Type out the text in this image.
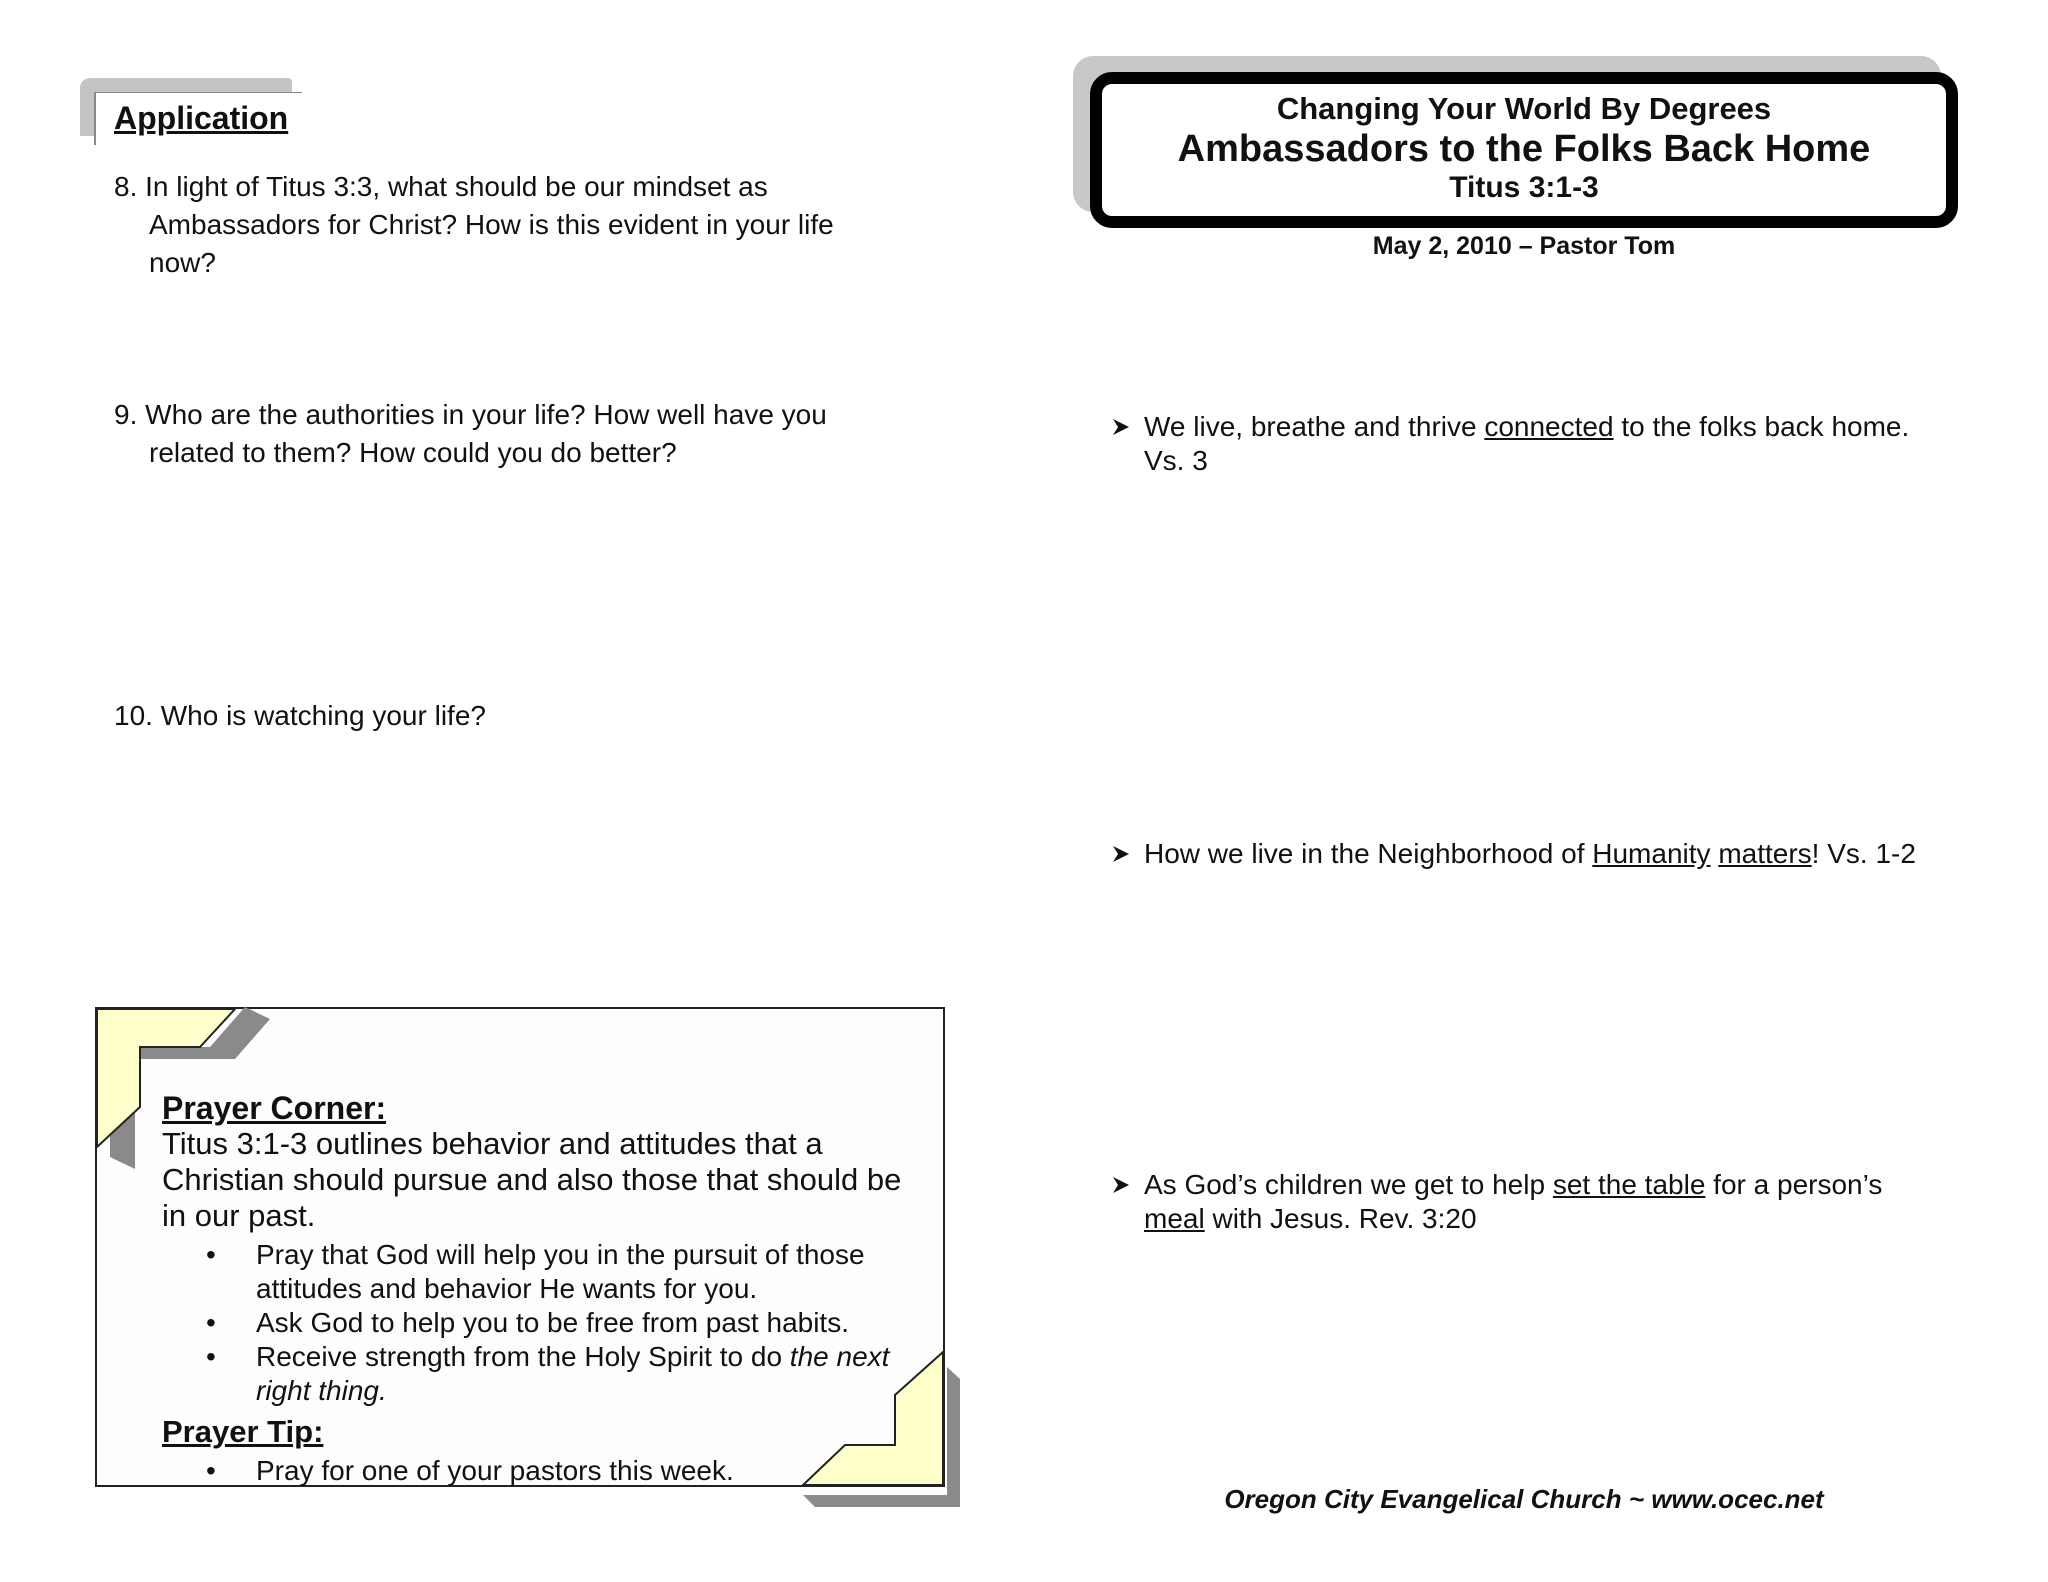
Application
8. In light of Titus 3:3, what should be our mindset as
Ambassadors for Christ? How is this evident in your life now?
9. Who are the authorities in your life? How well have you
related to them? How could you do better?
10. Who is watching your life?
Prayer Corner:
Titus 3:1-3 outlines behavior and attitudes that a Christian should pursue and also those that should be in our past.
• Pray that God will help you in the pursuit of those attitudes and behavior He wants for you.
• Ask God to help you to be free from past habits.
• Receive strength from the Holy Spirit to do the next right thing.
Prayer Tip:
• Pray for one of your pastors this week.
Changing Your World By Degrees
Ambassadors to the Folks Back Home
Titus 3:1-3
May 2, 2010 – Pastor Tom
We live, breathe and thrive connected to the folks back home. Vs. 3
How we live in the Neighborhood of Humanity matters! Vs. 1-2
As God’s children we get to help set the table for a person’s meal with Jesus. Rev. 3:20
Oregon City Evangelical Church ~ www.ocec.net
